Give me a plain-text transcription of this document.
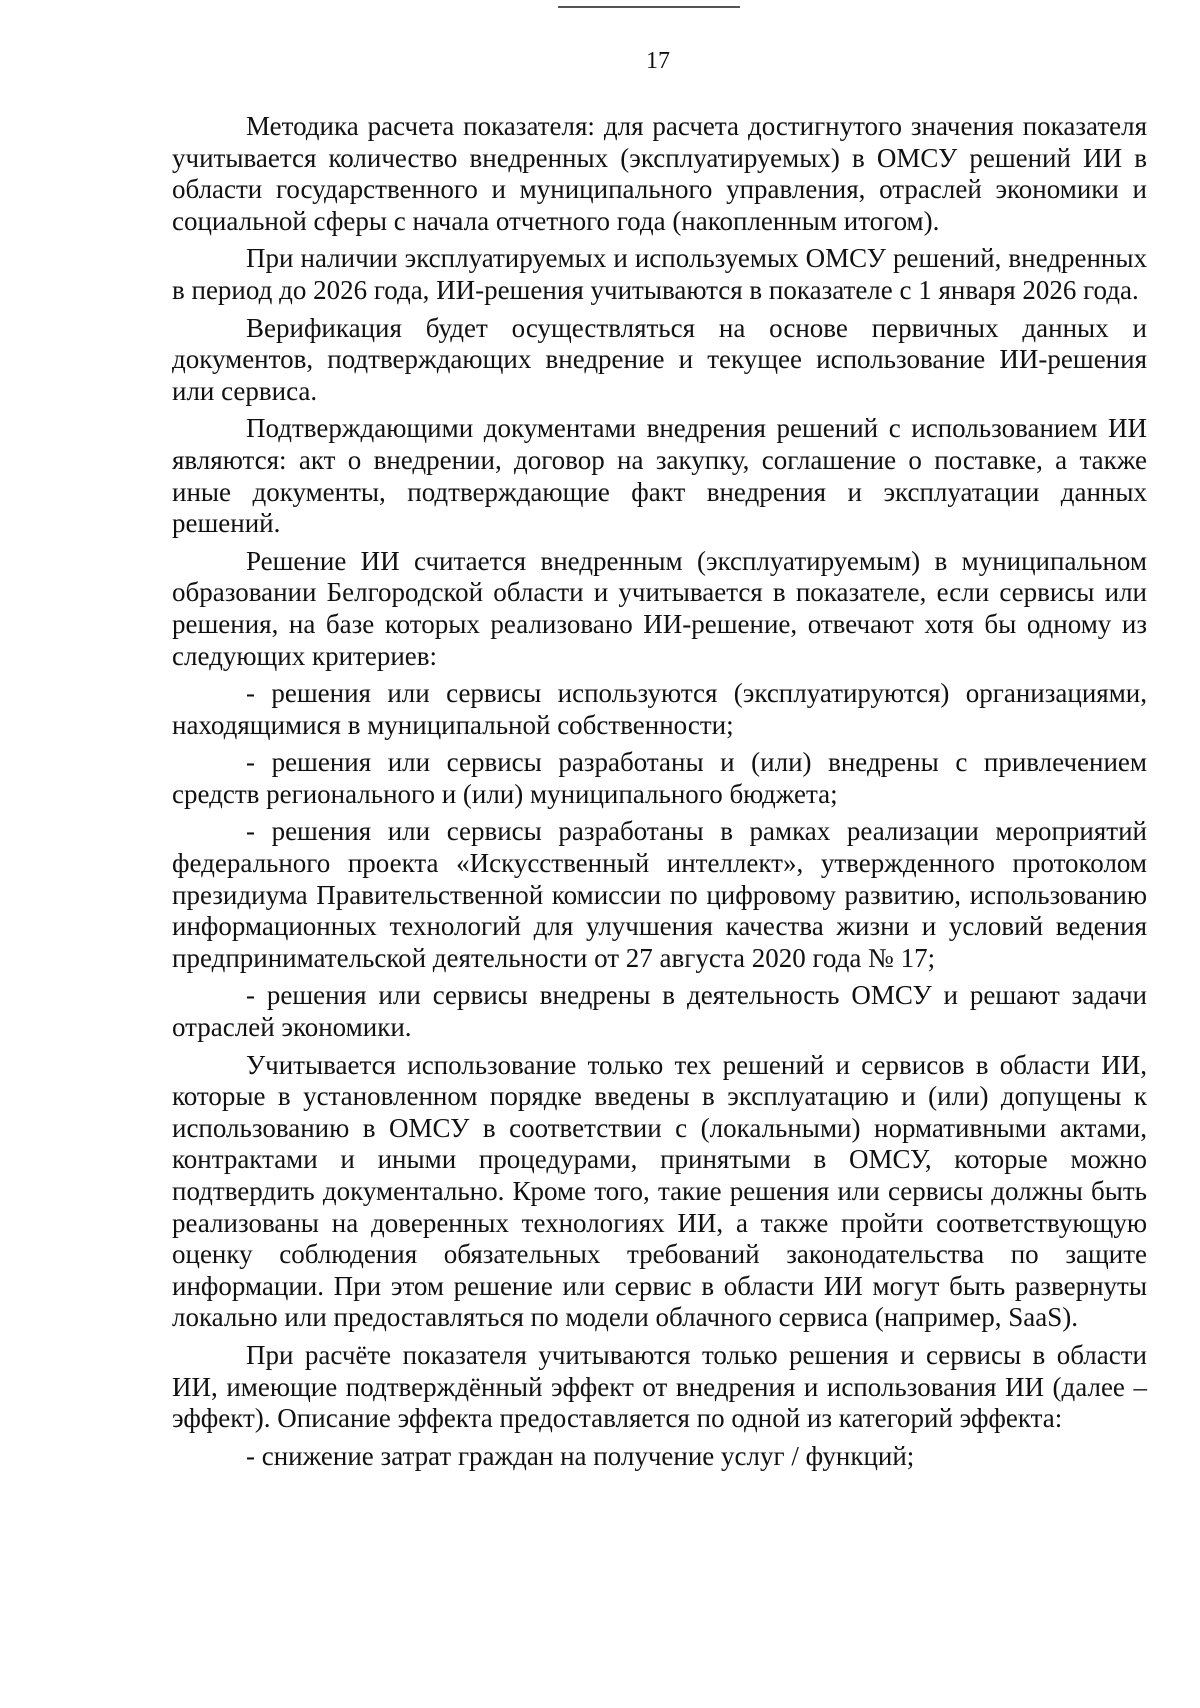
17

Методика расчета показателя: для расчета достигнутого значения показателя учитывается количество внедренных (эксплуатируемых) в ОМСУ решений ИИ в области государственного и муниципального управления, отраслей экономики и социальной сферы с начала отчетного года (накопленным итогом).

При наличии эксплуатируемых и используемых ОМСУ решений, внедренных в период до 2026 года, ИИ-решения учитываются в показателе с 1 января 2026 года.

Верификация будет осуществляться на основе первичных данных и документов, подтверждающих внедрение и текущее использование ИИ-решения или сервиса.

Подтверждающими документами внедрения решений с использованием ИИ являются: акт о внедрении, договор на закупку, соглашение о поставке, а также иные документы, подтверждающие факт внедрения и эксплуатации данных решений.

Решение ИИ считается внедренным (эксплуатируемым) в муниципальном образовании Белгородской области и учитывается в показателе, если сервисы или решения, на базе которых реализовано ИИ-решение, отвечают хотя бы одному из следующих критериев:

- решения или сервисы используются (эксплуатируются) организациями, находящимися в муниципальной собственности;

- решения или сервисы разработаны и (или) внедрены с привлечением средств регионального и (или) муниципального бюджета;

- решения или сервисы разработаны в рамках реализации мероприятий федерального проекта «Искусственный интеллект», утвержденного протоколом президиума Правительственной комиссии по цифровому развитию, использованию информационных технологий для улучшения качества жизни и условий ведения предпринимательской деятельности от 27 августа 2020 года № 17;

- решения или сервисы внедрены в деятельность ОМСУ и решают задачи отраслей экономики.

Учитывается использование только тех решений и сервисов в области ИИ, которые в установленном порядке введены в эксплуатацию и (или) допущены к использованию в ОМСУ в соответствии с (локальными) нормативными актами, контрактами и иными процедурами, принятыми в ОМСУ, которые можно подтвердить документально. Кроме того, такие решения или сервисы должны быть реализованы на доверенных технологиях ИИ, а также пройти соответствующую оценку соблюдения обязательных требований законодательства по защите информации. При этом решение или сервис в области ИИ могут быть развернуты локально или предоставляться по модели облачного сервиса (например, SaaS).

При расчёте показателя учитываются только решения и сервисы в области ИИ, имеющие подтверждённый эффект от внедрения и использования ИИ (далее – эффект). Описание эффекта предоставляется по одной из категорий эффекта:

- снижение затрат граждан на получение услуг / функций;
